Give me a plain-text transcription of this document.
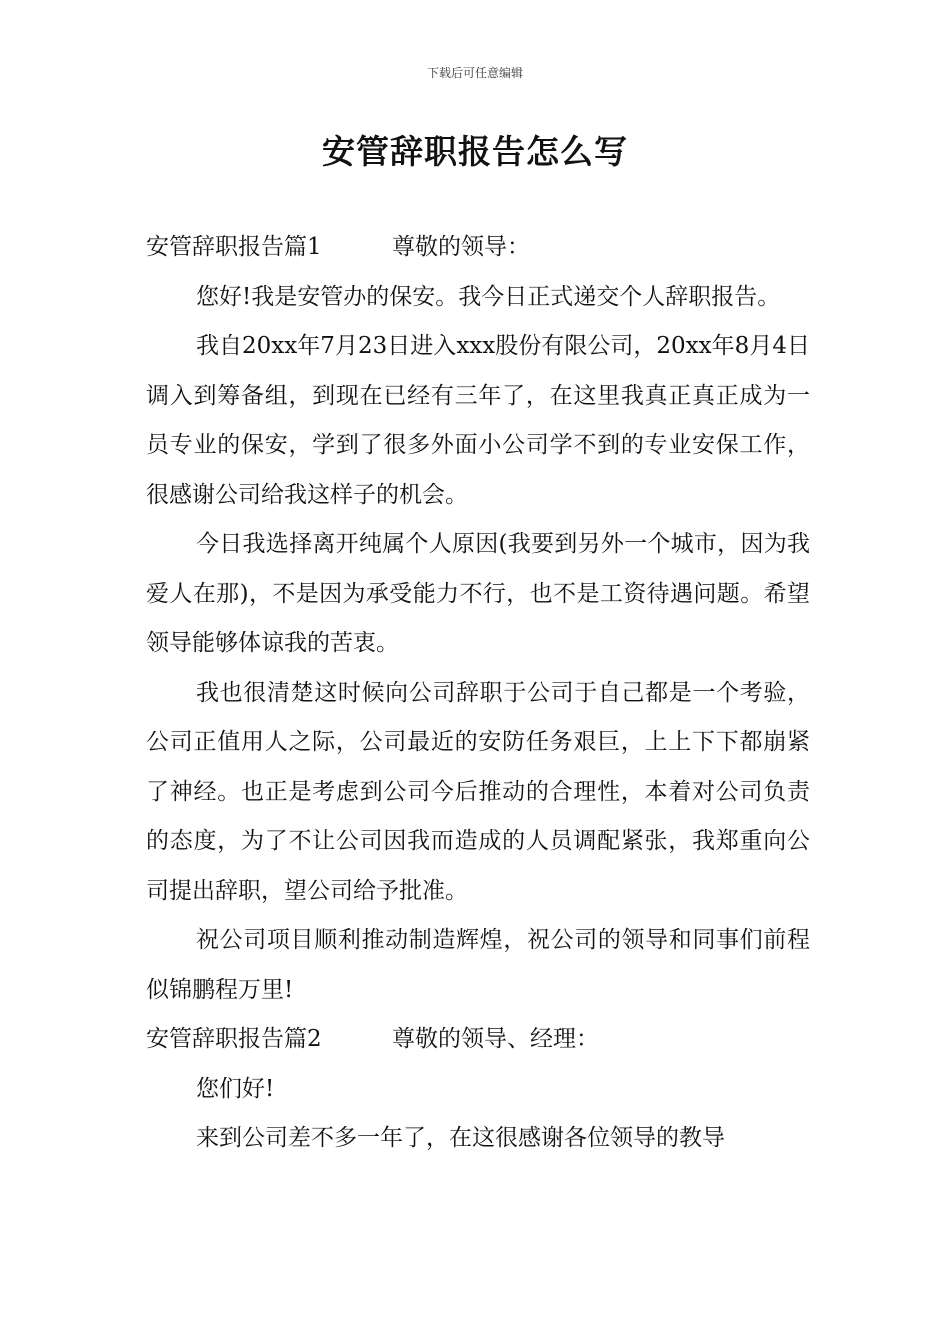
下载后可任意编辑
安管辞职报告怎么写
安管辞职报告篇1	尊敬的领导：

您好!我是安管办的保安。我今日正式递交个人辞职报告。

我自20xx年7月23日进入xxx股份有限公司，20xx年8月4日调入到筹备组，到现在已经有三年了，在这里我真正真正成为一员专业的保安，学到了很多外面小公司学不到的专业安保工作，很感谢公司给我这样子的机会。

今日我选择离开纯属个人原因(我要到另外一个城市，因为我爱人在那)，不是因为承受能力不行，也不是工资待遇问题。希望领导能够体谅我的苦衷。

我也很清楚这时候向公司辞职于公司于自己都是一个考验，公司正值用人之际，公司最近的安防任务艰巨，上上下下都崩紧了神经。也正是考虑到公司今后推动的合理性，本着对公司负责的态度，为了不让公司因我而造成的人员调配紧张，我郑重向公司提出辞职，望公司给予批准。

祝公司项目顺利推动制造辉煌，祝公司的领导和同事们前程似锦鹏程万里!

安管辞职报告篇2	尊敬的领导、经理：

您们好!

来到公司差不多一年了，在这很感谢各位领导的教导
